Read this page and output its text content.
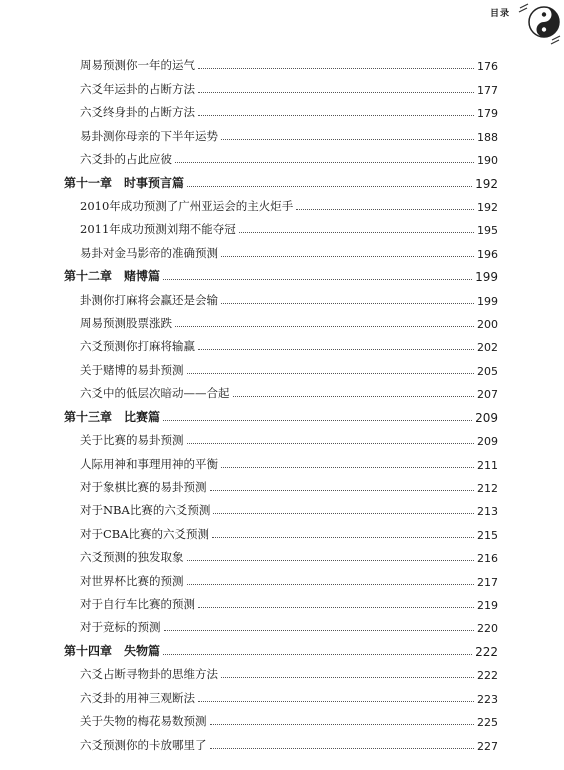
目录
周易预测你一年的运气	176
六爻年运卦的占断方法	177
六爻终身卦的占断方法	179
易卦测你母亲的下半年运势	188
六爻卦的占此应彼	190
第十一章　时事预言篇	192
2010年成功预测了广州亚运会的主火炬手	192
2011年成功预测刘翔不能夺冠	195
易卦对金马影帝的准确预测	196
第十二章　赌博篇	199
卦测你打麻将会赢还是会输	199
周易预测股票涨跌	200
六爻预测你打麻将输赢	202
关于赌博的易卦预测	205
六爻中的低层次暗动——合起	207
第十三章　比赛篇	209
关于比赛的易卦预测	209
人际用神和事理用神的平衡	211
对于象棋比赛的易卦预测	212
对于NBA比赛的六爻预测	213
对于CBA比赛的六爻预测	215
六爻预测的独发取象	216
对世界杯比赛的预测	217
对于自行车比赛的预测	219
对于竞标的预测	220
第十四章　失物篇	222
六爻占断寻物卦的思维方法	222
六爻卦的用神三观断法	223
关于失物的梅花易数预测	225
六爻预测你的卡放哪里了	227
